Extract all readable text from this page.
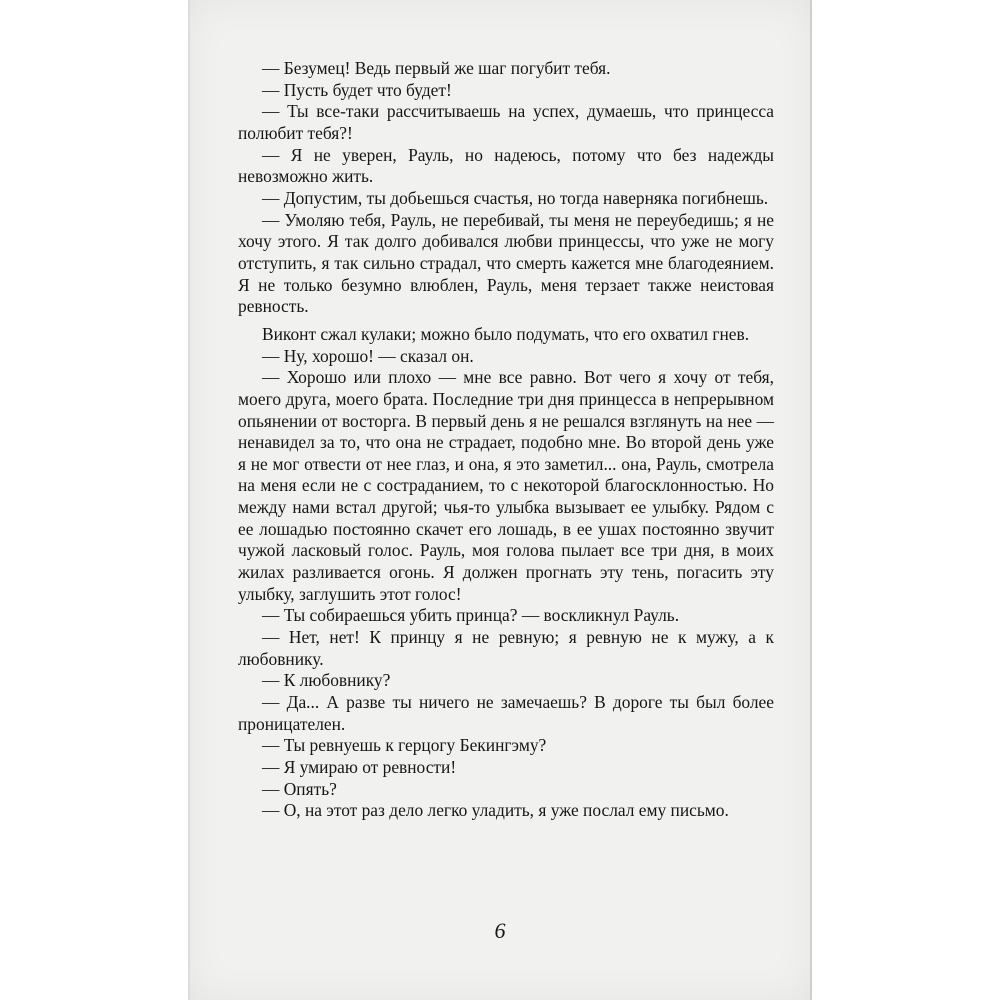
— Безумец! Ведь первый же шаг погубит тебя.

— Пусть будет что будет!

— Ты все-таки рассчитываешь на успех, думаешь, что принцесса полюбит тебя?!

— Я не уверен, Рауль, но надеюсь, потому что без надежды невозможно жить.

— Допустим, ты добьешься счастья, но тогда наверняка погибнешь.

— Умоляю тебя, Рауль, не перебивай, ты меня не переубедишь; я не хочу этого. Я так долго добивался любви принцессы, что уже не могу отступить, я так сильно страдал, что смерть кажется мне благодеянием. Я не только безумно влюблен, Рауль, меня терзает также неистовая ревность.

Виконт сжал кулаки; можно было подумать, что его охватил гнев.

— Ну, хорошо! — сказал он.

— Хорошо или плохо — мне все равно. Вот чего я хочу от тебя, моего друга, моего брата. Последние три дня принцесса в непрерывном опьянении от восторга. В первый день я не решался взглянуть на нее — ненавидел за то, что она не страдает, подобно мне. Во второй день уже я не мог отвести от нее глаз, и она, я это заметил... она, Рауль, смотрела на меня если не с состраданием, то с некоторой благосклонностью. Но между нами встал другой; чья-то улыбка вызывает ее улыбку. Рядом с ее лошадью постоянно скачет его лошадь, в ее ушах постоянно звучит чужой ласковый голос. Рауль, моя голова пылает все три дня, в моих жилах разливается огонь. Я должен прогнать эту тень, погасить эту улыбку, заглушить этот голос!

— Ты собираешься убить принца? — воскликнул Рауль.

— Нет, нет! К принцу я не ревную; я ревную не к мужу, а к любовнику.

— К любовнику?

— Да... А разве ты ничего не замечаешь? В дороге ты был более проницателен.

— Ты ревнуешь к герцогу Бекингэму?

— Я умираю от ревности!

— Опять?

— О, на этот раз дело легко уладить, я уже послал ему письмо.

6
